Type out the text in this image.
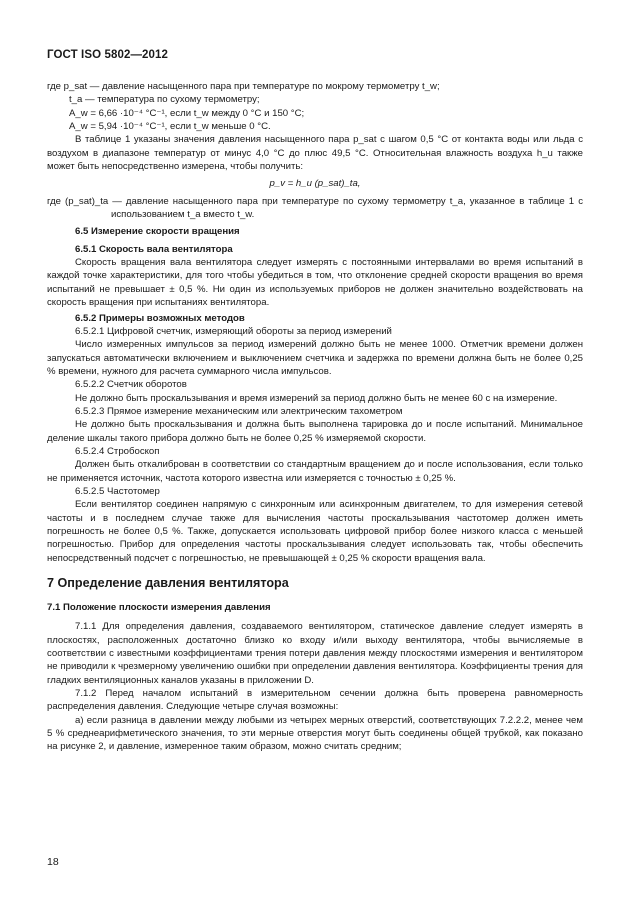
ГОСТ ISO 5802—2012

где p_sat — давление насыщенного пара при температуре по мокрому термометру t_w;

t_a — температура по сухому термометру;

A_w = 6,66 ·10⁻⁴ °C⁻¹, если t_w между 0 °C и 150 °C;

A_w = 5,94 ·10⁻⁴ °C⁻¹, если t_w меньше 0 °C.

В таблице 1 указаны значения давления насыщенного пара p_sat с шагом 0,5 °С от контакта воды или льда с воздухом в диапазоне температур от минус 4,0 °С до плюс 49,5 °С. Относительная влажность воздуха h_u также может быть непосредственно измерена, чтобы получить:

p_v = h_u (p_sat)_ta,

где (p_sat)_ta — давление насыщенного пара при температуре по сухому термометру t_a, указанное в таблице 1 с использованием t_a вместо t_w.

6.5 Измерение скорости вращения

6.5.1 Скорость вала вентилятора

Скорость вращения вала вентилятора следует измерять с постоянными интервалами во время испытаний в каждой точке характеристики, для того чтобы убедиться в том, что отклонение средней скорости вращения во время испытаний не превышает ± 0,5 %. Ни один из используемых приборов не должен значительно воздействовать на скорость вращения при испытаниях вентилятора.

6.5.2 Примеры возможных методов

6.5.2.1 Цифровой счетчик, измеряющий обороты за период измерений

Число измеренных импульсов за период измерений должно быть не менее 1000. Отметчик времени должен запускаться автоматически включением и выключением счетчика и задержка по времени должна быть не более 0,25 % времени, нужного для расчета суммарного числа импульсов.

6.5.2.2 Счетчик оборотов

Не должно быть проскальзывания и время измерений за период должно быть не менее 60 с на измерение.

6.5.2.3 Прямое измерение механическим или электрическим тахометром

Не должно быть проскальзывания и должна быть выполнена тарировка до и после испытаний. Минимальное деление шкалы такого прибора должно быть не более 0,25 % измеряемой скорости.

6.5.2.4 Стробоскоп

Должен быть откалиброван в соответствии со стандартным вращением до и после использования, если только не применяется источник, частота которого известна или измеряется с точностью ± 0,25 %.

6.5.2.5 Частотомер

Если вентилятор соединен напрямую с синхронным или асинхронным двигателем, то для измерения сетевой частоты и в последнем случае также для вычисления частоты проскальзывания частотомер должен иметь погрешность не более 0,5 %. Также, допускается использовать цифровой прибор более низкого класса с меньшей погрешностью. Прибор для определения частоты проскальзывания следует использовать так, чтобы обеспечить непосредственный подсчет с погрешностью, не превышающей ± 0,25 % скорости вращения вала.

7 Определение давления вентилятора

7.1 Положение плоскости измерения давления

7.1.1 Для определения давления, создаваемого вентилятором, статическое давление следует измерять в плоскостях, расположенных достаточно близко ко входу и/или выходу вентилятора, чтобы вычисляемые в соответствии с известными коэффициентами трения потери давления между плоскостями измерения и вентилятором не приводили к чрезмерному увеличению ошибки при определении давления вентилятора. Коэффициенты трения для гладких вентиляционных каналов указаны в приложении D.

7.1.2 Перед началом испытаний в измерительном сечении должна быть проверена равномерность распределения давления. Следующие четыре случая возможны:

а) если разница в давлении между любыми из четырех мерных отверстий, соответствующих 7.2.2.2, менее чем 5 % среднеарифметического значения, то эти мерные отверстия могут быть соединены общей трубкой, как показано на рисунке 2, и давление, измеренное таким образом, можно считать средним;

18
